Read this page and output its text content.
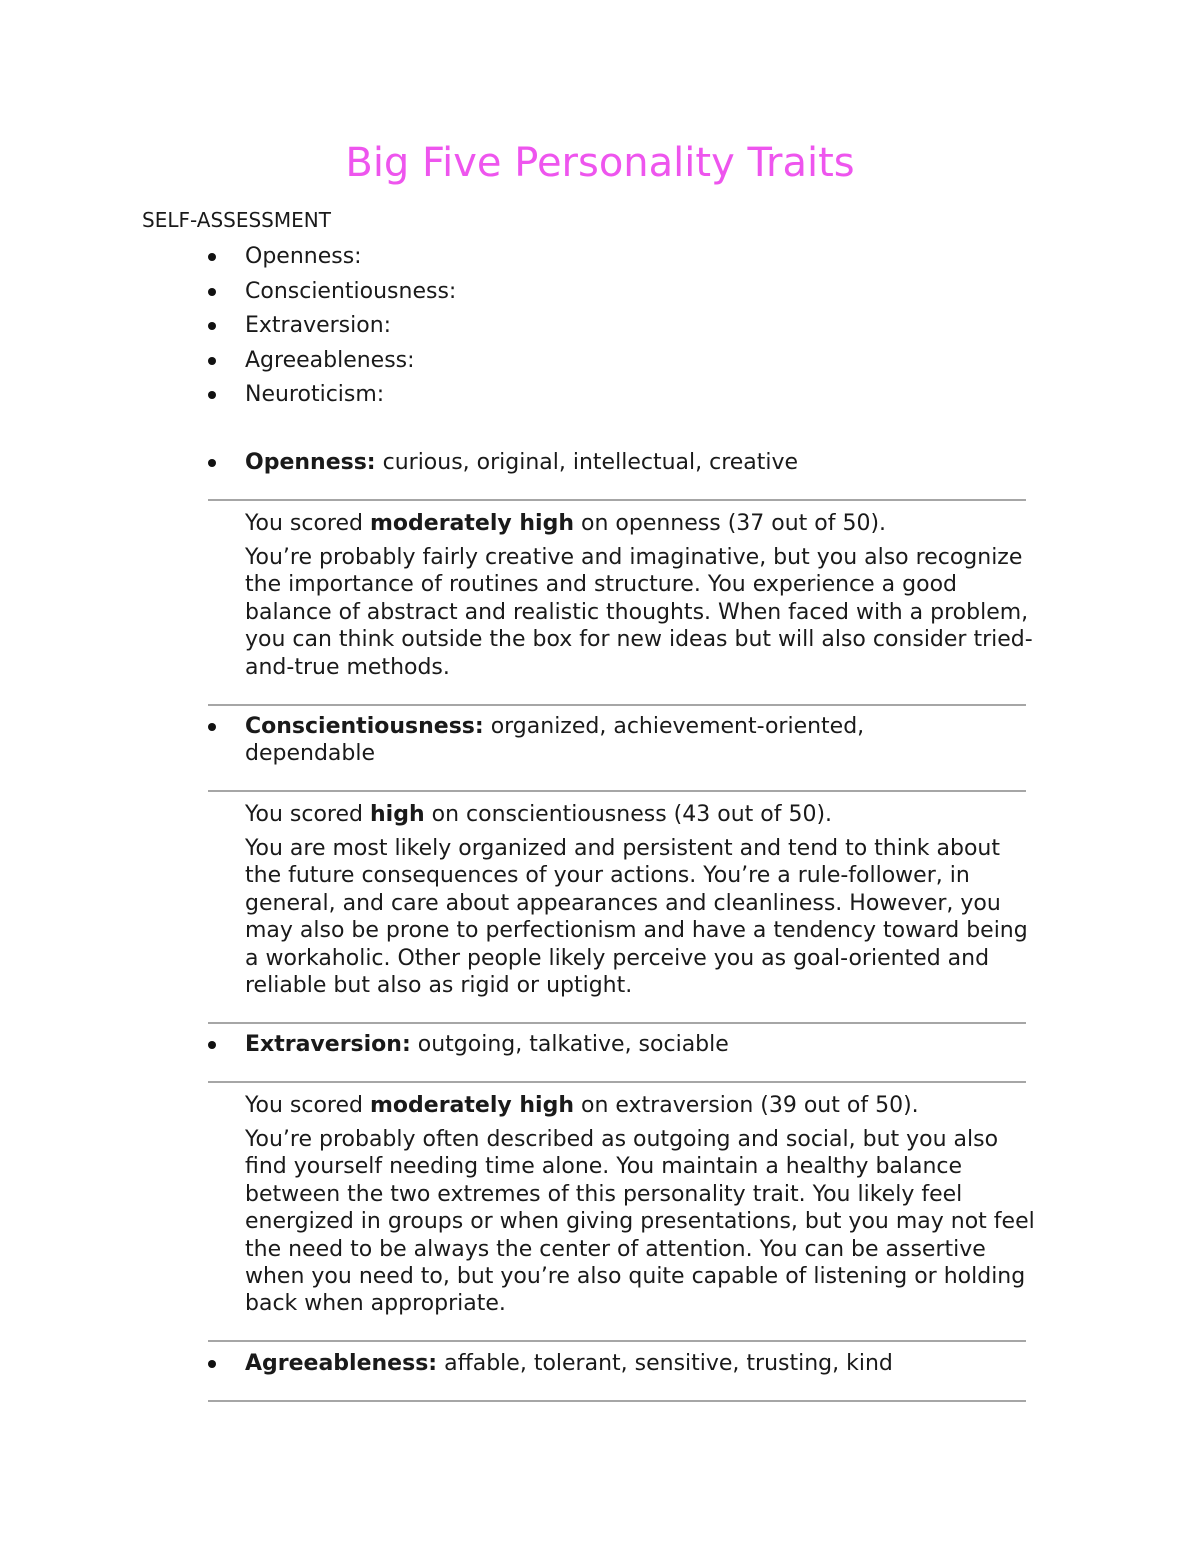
Big Five Personality Traits
SELF-ASSESSMENT
Openness:
Conscientiousness:
Extraversion:
Agreeableness:
Neuroticism:
Openness: curious, original, intellectual, creative
You scored moderately high on openness (37 out of 50).
You’re probably fairly creative and imaginative, but you also recognize the importance of routines and structure. You experience a good balance of abstract and realistic thoughts. When faced with a problem, you can think outside the box for new ideas but will also consider tried-and-true methods.
Conscientiousness: organized, achievement-oriented, dependable
You scored high on conscientiousness (43 out of 50).
You are most likely organized and persistent and tend to think about the future consequences of your actions. You’re a rule-follower, in general, and care about appearances and cleanliness. However, you may also be prone to perfectionism and have a tendency toward being a workaholic. Other people likely perceive you as goal-oriented and reliable but also as rigid or uptight.
Extraversion: outgoing, talkative, sociable
You scored moderately high on extraversion (39 out of 50).
You’re probably often described as outgoing and social, but you also find yourself needing time alone. You maintain a healthy balance between the two extremes of this personality trait. You likely feel energized in groups or when giving presentations, but you may not feel the need to be always the center of attention. You can be assertive when you need to, but you’re also quite capable of listening or holding back when appropriate.
Agreeableness: affable, tolerant, sensitive, trusting, kind
